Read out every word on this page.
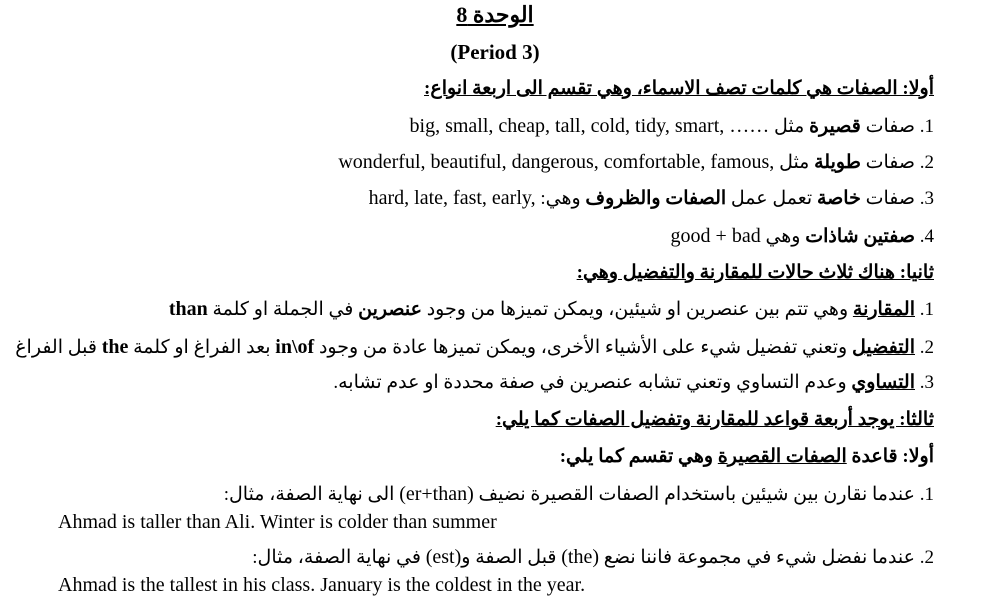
الوحدة 8
(Period 3)
أولا: الصفات هي كلمات تصف الاسماء، وهي تقسم الى اربعة انواع:
1. صفات قصيرة مثل big, small, cheap, tall, cold, tidy, smart, ……
2. صفات طويلة مثل wonderful, beautiful, dangerous, comfortable, famous,
3. صفات خاصة تعمل عمل الصفات والظروف وهي: hard, late, fast, early,
4. صفتين شاذات وهي good + bad
ثانيا: هناك ثلاث حالات للمقارنة والتفضيل وهي:
1. المقارنة وهي تتم بين عنصرين او شيئين، ويمكن تميزها من وجود عنصرين في الجملة او كلمة than
2. التفضيل وتعني تفضيل شيء على الأشياء الأخرى، ويمكن تميزها عادة من وجود in\of بعد الفراغ او كلمة the قبل الفراغ
3. التساوي وعدم التساوي وتعني تشابه عنصرين في صفة محددة او عدم تشابه.
ثالثا: يوجد أربعة قواعد للمقارنة وتفضيل الصفات كما يلي:
أولا: قاعدة الصفات القصيرة وهي تقسم كما يلي:
1. عندما نقارن بين شيئين باستخدام الصفات القصيرة نضيف (er+than) الى نهاية الصفة، مثال:
Ahmad is taller than Ali. Winter is colder than summer
2. عندما نفضل شيء في مجموعة فاننا نضع (the) قبل الصفة و(est) في نهاية الصفة، مثال:
Ahmad is the tallest in his class. January is the coldest in the year.
